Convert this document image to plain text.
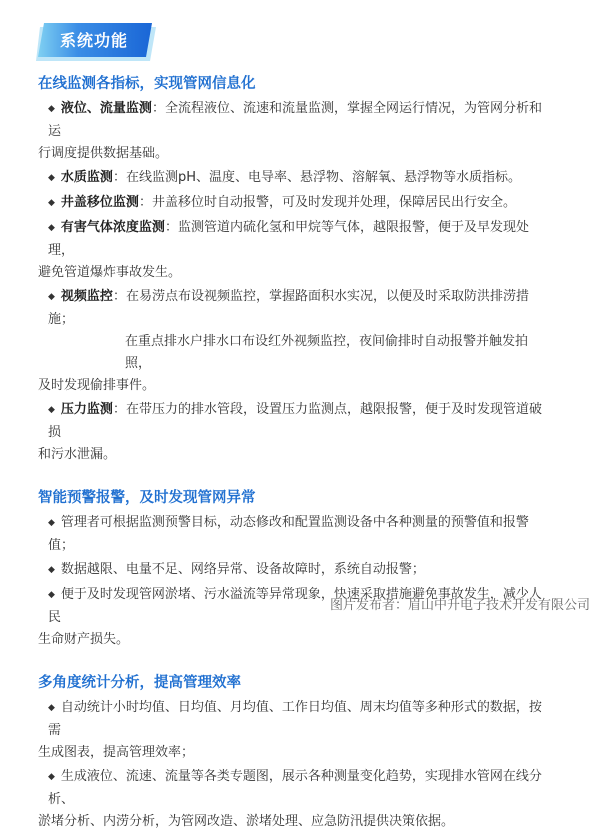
系统功能

在线监测各指标，实现管网信息化

◆ 液位、流量监测：全流程液位、流速和流量监测，掌握全网运行情况，为管网分析和运
行调度提供数据基础。
◆ 水质监测：在线监测pH、温度、电导率、悬浮物、溶解氧、悬浮物等水质指标。
◆ 井盖移位监测：井盖移位时自动报警，可及时发现并处理，保障居民出行安全。
◆ 有害气体浓度监测：监测管道内硫化氢和甲烷等气体，越限报警，便于及早发现处理，
避免管道爆炸事故发生。
◆ 视频监控：在易涝点布设视频监控，掌握路面积水实况，以便及时采取防洪排涝措施；
在重点排水户排水口布设红外视频监控，夜间偷排时自动报警并触发拍照，
及时发现偷排事件。
◆ 压力监测：在带压力的排水管段，设置压力监测点，越限报警，便于及时发现管道破损
和污水泄漏。

智能预警报警，及时发现管网异常

◆ 管理者可根据监测预警目标，动态修改和配置监测设备中各种测量的预警值和报警值；
◆ 数据越限、电量不足、网络异常、设备故障时，系统自动报警；
◆ 便于及时发现管网淤堵、污水溢流等异常现象，快速采取措施避免事故发生，减少人民
生命财产损失。

多角度统计分析，提高管理效率

◆ 自动统计小时均值、日均值、月均值、工作日均值、周末均值等多种形式的数据，按需
生成图表，提高管理效率；
◆ 生成液位、流速、流量等各类专题图，展示各种测量变化趋势，实现排水管网在线分析、
淤堵分析、内涝分析，为管网改造、淤堵处理、应急防汛提供决策依据。
图片发布者：眉山中升电子技术开发有限公司
